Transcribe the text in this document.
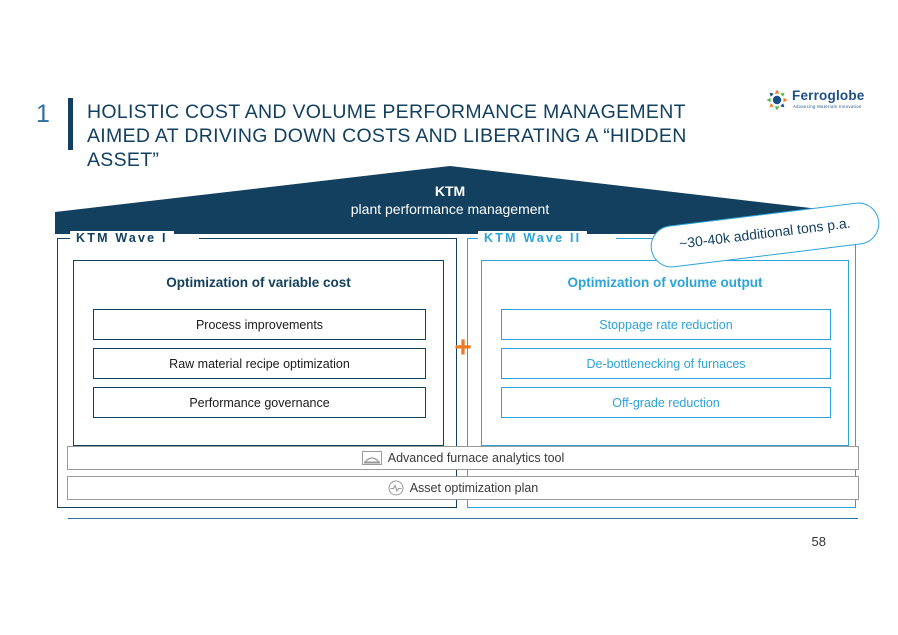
1 HOLISTIC COST AND VOLUME PERFORMANCE MANAGEMENT
AIMED AT DRIVING DOWN COSTS AND LIBERATING A “HIDDEN ASSET”
Ferroglobe
Advancing Materials Innovation
KTM
plant performance management
KTM Wave I
Optimization of variable cost
Process improvements
Raw material recipe optimization
Performance governance
+
KTM Wave II
Optimization of volume output
Stoppage rate reduction
De-bottlenecking of furnaces
Off-grade reduction
~30-40k additional tons p.a.
Advanced furnace analytics tool
Asset optimization plan
58
